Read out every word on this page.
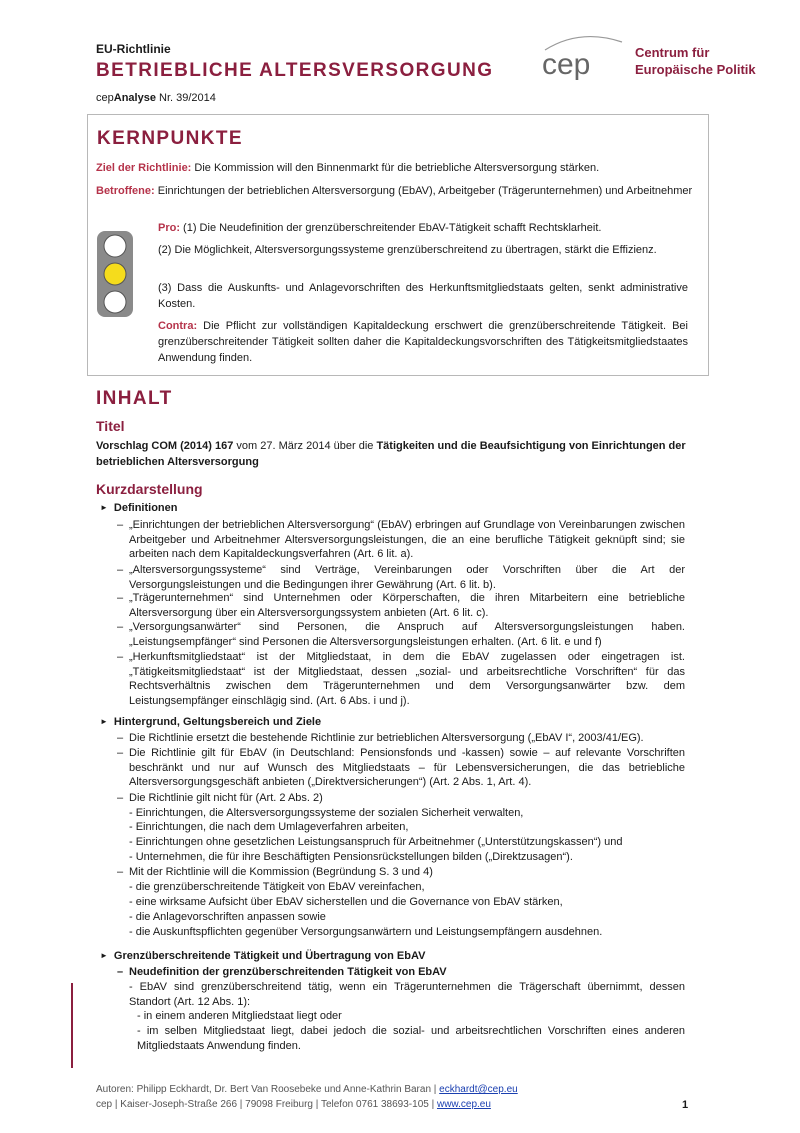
EU-Richtlinie
BETRIEBLICHE ALTERSVERSORGUNG
cepAnalyse Nr. 39/2014
cep	Centrum für
Europäische Politik
KERNPUNKTE
Ziel der Richtlinie: Die Kommission will den Binnenmarkt für die betriebliche Altersversorgung stärken.
Betroffene: Einrichtungen der betrieblichen Altersversorgung (EbAV), Arbeitgeber (Trägerunternehmen) und Arbeitnehmer
Pro: (1) Die Neudefinition der grenzüberschreitender EbAV-Tätigkeit schafft Rechtsklarheit.
(2) Die Möglichkeit, Altersversorgungssysteme grenzüberschreitend zu übertragen, stärkt die Effizienz.
(3) Dass die Auskunfts- und Anlagevorschriften des Herkunftsmitgliedstaats gelten, senkt administrative Kosten.
Contra: Die Pflicht zur vollständigen Kapitaldeckung erschwert die grenzüberschreitende Tätigkeit. Bei grenzüberschreitender Tätigkeit sollten daher die Kapitaldeckungsvorschriften des Tätigkeitsmitgliedstaates Anwendung finden.
INHALT
Titel
Vorschlag COM (2014) 167 vom 27. März 2014 über die Tätigkeiten und die Beaufsichtigung von Einrichtungen der betrieblichen Altersversorgung
Kurzdarstellung
► Definitionen
– „Einrichtungen der betrieblichen Altersversorgung“ (EbAV) erbringen auf Grundlage von Vereinbarungen zwischen Arbeitgeber und Arbeitnehmer Altersversorgungsleistungen, die an eine berufliche Tätigkeit geknüpft sind; sie arbeiten nach dem Kapitaldeckungsverfahren (Art. 6 lit. a).
– „Altersversorgungssysteme“ sind Verträge, Vereinbarungen oder Vorschriften über die Art der Versorgungsleistungen und die Bedingungen ihrer Gewährung (Art. 6 lit. b).
– „Trägerunternehmen“ sind Unternehmen oder Körperschaften, die ihren Mitarbeitern eine betriebliche Altersversorgung über ein Altersversorgungssystem anbieten (Art. 6 lit. c).
– „Versorgungsanwärter“ sind Personen, die Anspruch auf Altersversorgungsleistungen haben. „Leistungsempfänger“ sind Personen die Altersversorgungsleistungen erhalten. (Art. 6 lit. e und f)
– „Herkunftsmitgliedstaat“ ist der Mitgliedstaat, in dem die EbAV zugelassen oder eingetragen ist. „Tätigkeitsmitgliedstaat“ ist der Mitgliedstaat, dessen „sozial- und arbeitsrechtliche Vorschriften“ für das Rechtsverhältnis zwischen dem Trägerunternehmen und dem Versorgungsanwärter bzw. dem Leistungsempfänger einschlägig sind. (Art. 6 Abs. i und j).
► Hintergrund, Geltungsbereich und Ziele
– Die Richtlinie ersetzt die bestehende Richtlinie zur betrieblichen Altersversorgung („EbAV I“, 2003/41/EG).
– Die Richtlinie gilt für EbAV (in Deutschland: Pensionsfonds und -kassen) sowie – auf relevante Vorschriften beschränkt und nur auf Wunsch des Mitgliedstaats – für Lebensversicherungen, die das betriebliche Altersversorgungsgeschäft anbieten („Direktversicherungen“) (Art. 2 Abs. 1, Art. 4).
– Die Richtlinie gilt nicht für (Art. 2 Abs. 2)
- Einrichtungen, die Altersversorgungssysteme der sozialen Sicherheit verwalten,
- Einrichtungen, die nach dem Umlageverfahren arbeiten,
- Einrichtungen ohne gesetzlichen Leistungsanspruch für Arbeitnehmer („Unterstützungskassen“) und
- Unternehmen, die für ihre Beschäftigten Pensionsrückstellungen bilden („Direktzusagen“).
– Mit der Richtlinie will die Kommission (Begründung S. 3 und 4)
- die grenzüberschreitende Tätigkeit von EbAV vereinfachen,
- eine wirksame Aufsicht über EbAV sicherstellen und die Governance von EbAV stärken,
- die Anlagevorschriften anpassen sowie
- die Auskunftspflichten gegenüber Versorgungsanwärtern und Leistungsempfängern ausdehnen.
► Grenzüberschreitende Tätigkeit und Übertragung von EbAV
– Neudefinition der grenzüberschreitenden Tätigkeit von EbAV
- EbAV sind grenzüberschreitend tätig, wenn ein Trägerunternehmen die Trägerschaft übernimmt, dessen Standort (Art. 12 Abs. 1):
- in einem anderen Mitgliedstaat liegt oder
- im selben Mitgliedstaat liegt, dabei jedoch die sozial- und arbeitsrechtlichen Vorschriften eines anderen Mitgliedstaats Anwendung finden.
Autoren: Philipp Eckhardt, Dr. Bert Van Roosebeke und Anne-Kathrin Baran | eckhardt@cep.eu
cep | Kaiser-Joseph-Straße 266 | 79098 Freiburg | Telefon 0761 38693-105 | www.cep.eu	1
